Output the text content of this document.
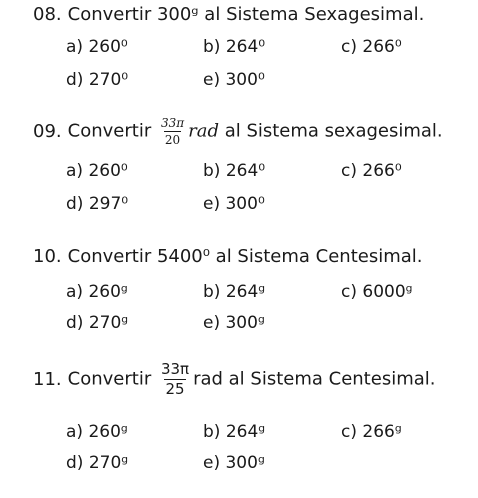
08. Convertir 300ᵍ al Sistema Sexagesimal.
a) 260⁰	b) 264⁰	c) 266⁰
d) 270⁰	e) 300⁰
09. Convertir $\frac{33\pi}{20}$ rad al Sistema sexagesimal.
a) 260⁰	b) 264⁰	c) 266⁰
d) 297⁰	e) 300⁰
10. Convertir 5400⁰ al Sistema Centesimal.
a) 260ᵍ	b) 264ᵍ	c) 6000ᵍ
d) 270ᵍ	e) 300ᵍ
11. Convertir $\frac{33\pi}{25}$ rad al Sistema Centesimal.
a) 260ᵍ	b) 264ᵍ	c) 266ᵍ
d) 270ᵍ	e) 300ᵍ
